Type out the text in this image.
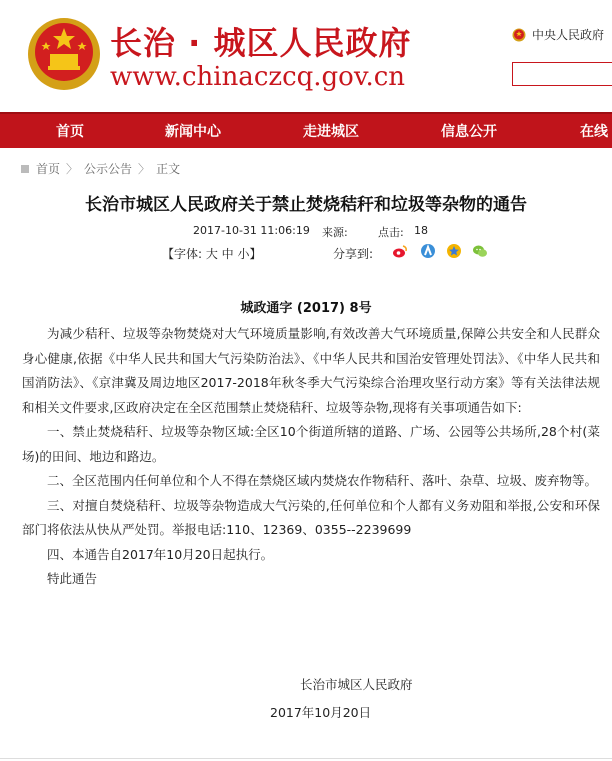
长治 · 城区人民政府
www.chinaczcq.gov.cn
中央人民政府
首页	新闻中心	走进城区	信息公开	在线
首页 〉 公示公告 〉 正文
长治市城区人民政府关于禁止焚烧秸秆和垃圾等杂物的通告
2017-10-31 11:06:19 来源:	点击: 18
【字体: 大 中 小】	分享到:
城政通字 (2017) 8号

为减少秸秆、垃圾等杂物焚烧对大气环境质量影响,有效改善大气环境质量,保障公共安全和人民群众身心健康,依据《中华人民共和国大气污染防治法》、《中华人民共和国治安管理处罚法》、《中华人民共和国消防法》、《京津冀及周边地区2017-2018年秋冬季大气污染综合治理攻坚行动方案》等有关法律法规和相关文件要求,区政府决定在全区范围禁止焚烧秸秆、垃圾等杂物,现将有关事项通告如下:

一、禁止焚烧秸秆、垃圾等杂物区域:全区10个街道所辖的道路、广场、公园等公共场所,28个村(菜场)的田间、地边和路边。

二、全区范围内任何单位和个人不得在禁烧区域内焚烧农作物秸秆、落叶、杂草、垃圾、废弃物等。

三、对擅自焚烧秸秆、垃圾等杂物造成大气污染的,任何单位和个人都有义务劝阻和举报,公安和环保部门将依法从快从严处罚。举报电话:110、12369、0355--2239699

四、本通告自2017年10月20日起执行。

特此通告

长治市城区人民政府
2017年10月20日
